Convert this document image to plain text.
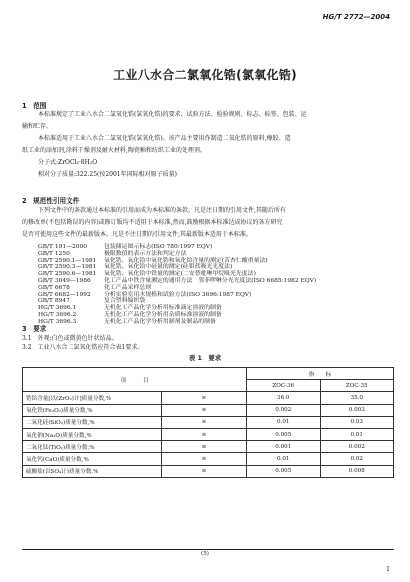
HG/T 2772—2004
工业八水合二氯氧化锆(氯氧化锆)
1　范围
本标准规定了工业八水合二氯氧化锆(氯氧化锆)的要求、试验方法、检验规则、标志、标签、包装、运
输和贮存。
本标准适用于工业八水合二氯氧化锆(氯氧化锆)。该产品主要用作制造二氧化锆的原料,橡胶、造
纸工业的添加剂,涂料干燥剂及耐火材料,陶瓷釉和纺织工业的处理剂。
分子式:ZrOCl₂·8H₂O
相对分子质量:322.25(按2001年国际相对原子质量)
2　规范性引用文件
下列文件中的条款通过本标准的引用而成为本标准的条款。凡是注日期的引用文件,其随后所有
的修改单(不包括勘误的内容)或修订版均不适用于本标准,然而,鼓励根据本标准达成协议的各方研究
是否可使用这些文件的最新版本。凡是不注日期的引用文件,其最新版本适用于本标准。
GB/T 191—2000	包装储运图示标志(ISO 780:1997 EQV)
GB/T 1250	极限数值的表示方法和判定方法
GB/T 2590.1—1981 氧化锆、氧化铪中氧化锆和氧化铪含量的测定(苦杏仁酸重量法)
GB/T 2590.3—1981 氧化锆、氧化铪中硅量的测定(硅钼蓝吸光光度法)
GB/T 2590.6—1981 氧化锆、氧化铪中铁量的测定(二安替吡啉甲烷吸光光度法)
GB/T 3049—1986 化工产品中铁含量测定的通用方法　邻菲啰啉分光光度法(ISO 6685:1982 EQV)
GB/T 6678	化工产品采样总则
GB/T 6682—1992 分析实验室用水规格和试验方法(ISO 3696:1987 EQV)
GB/T 8947	复合塑料编织袋
HG/T 3696.1	无机化工产品化学分析用标准滴定溶液的制备
HG/T 3696.2	无机化工产品化学分析用杂质标准溶液的制备
HG/T 3696.3	无机化工产品化学分析用制剂及制品的制备
3　要求
3.1　外观:白色或微黄色针状结晶。
3.2　工业八水合二氯氧化锆应符合表1要求。
表 1　要求
项　　　目		指　　标	
		ZOC-36	ZOC-35
锆铪含量[以(ZrO₂)计]质量分数,%	≥	36.0	35.0
氧化铁(Fe₂O₃)质量分数,%	≤	0.002	0.003
二氧化硅(SiO₂)质量分数,%	≤	0.01	0.03
氧化钠(Na₂O)质量分数,%	≤	0.005	0.01
二氧化钛(TiO₂)质量分数,%	≤	0.001	0.002
氧化钙(CaO)质量分数,%	≤	0.01	0.02
硫酸盐(以SO₄计)质量分数,%	≤	0.005	0.008
(5)
1
